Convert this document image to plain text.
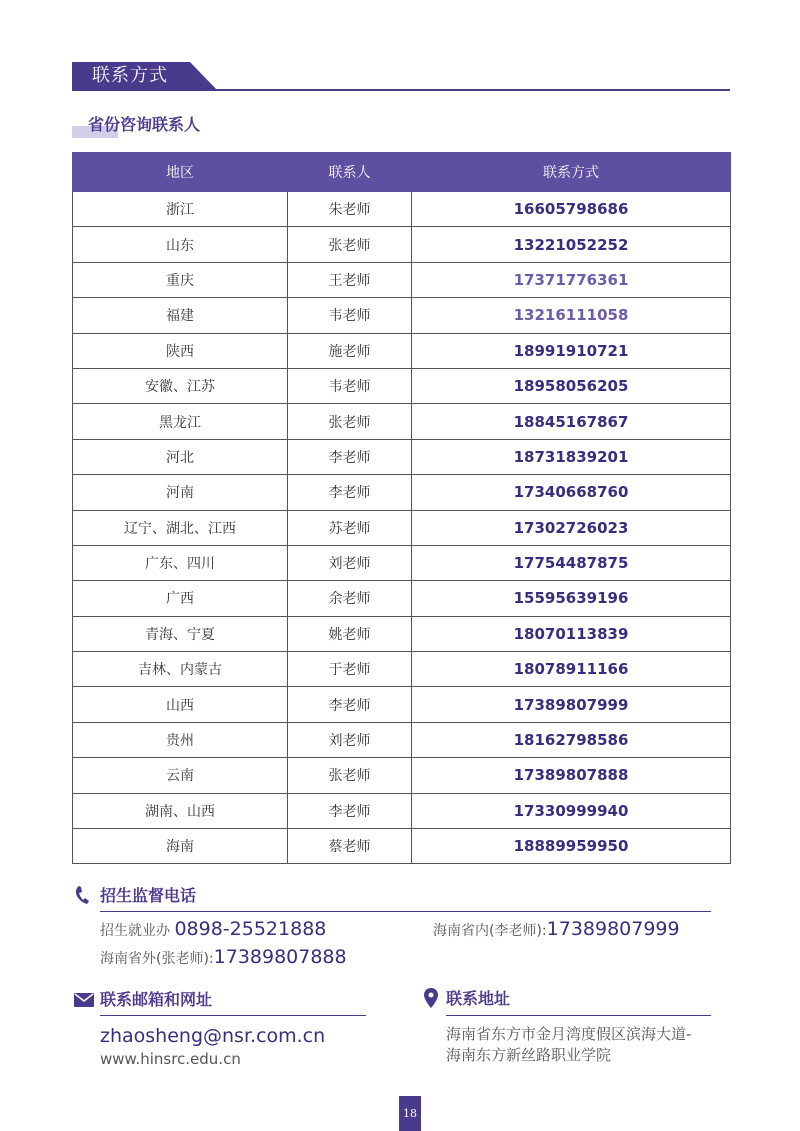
联系方式
省份咨询联系人
地区	联系人	联系方式
浙江	朱老师	16605798686
山东	张老师	13221052252
重庆	王老师	17371776361
福建	韦老师	13216111058
陕西	施老师	18991910721
安徽、江苏	韦老师	18958056205
黑龙江	张老师	18845167867
河北	李老师	18731839201
河南	李老师	17340668760
辽宁、湖北、江西	苏老师	17302726023
广东、四川	刘老师	17754487875
广西	余老师	15595639196
青海、宁夏	姚老师	18070113839
吉林、内蒙古	于老师	18078911166
山西	李老师	17389807999
贵州	刘老师	18162798586
云南	张老师	17389807888
湖南、山西	李老师	17330999940
海南	蔡老师	18889959950
招生监督电话
招生就业办 0898-25521888	海南省内(李老师):17389807999
海南省外(张老师):17389807888
联系邮箱和网址
zhaosheng@nsr.com.cn
www.hinsrc.edu.cn
联系地址
海南省东方市金月湾度假区滨海大道-
海南东方新丝路职业学院
18
